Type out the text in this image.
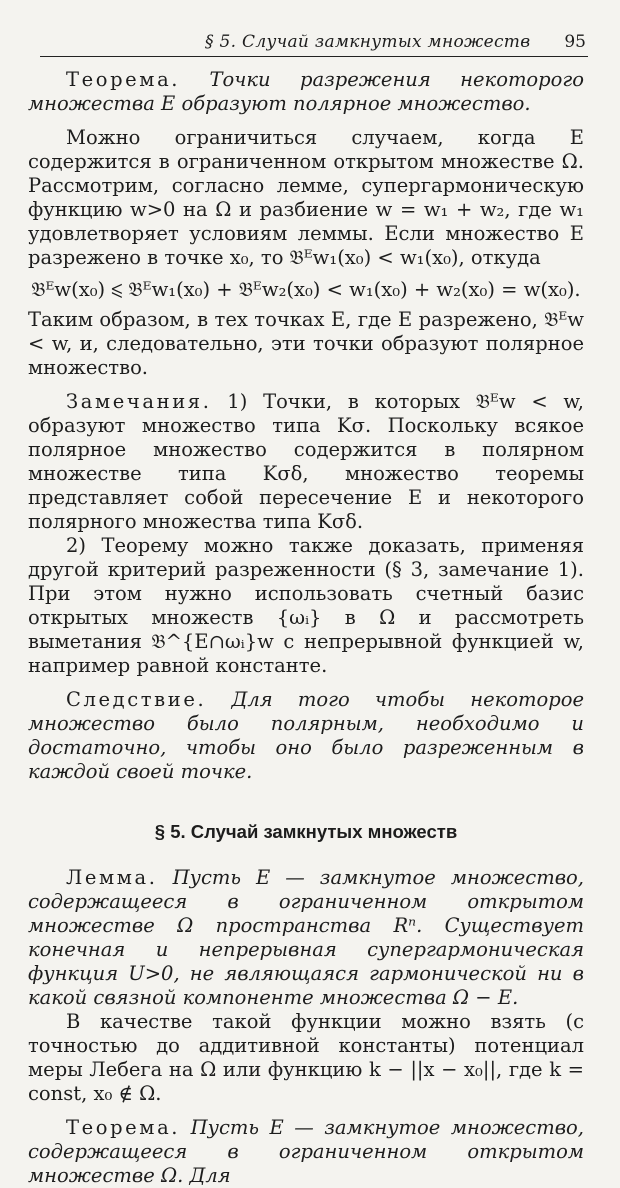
§ 5. Случай замкнутых множеств 95

Теорема. Точки разрежения некоторого множества E образуют полярное множество.

Можно ограничиться случаем, когда E содержится в ограниченном открытом множестве Ω. Рассмотрим, согласно лемме, супергармоническую функцию w>0 на Ω и разбиение w = w₁ + w₂, где w₁ удовлетворяет условиям леммы. Если множество E разрежено в точке x₀, то 𝔅ᴱw₁(x₀) < w₁(x₀), откуда

𝔅ᴱw(x₀) ⩽ 𝔅ᴱw₁(x₀) + 𝔅ᴱw₂(x₀) < w₁(x₀) + w₂(x₀) = w(x₀).

Таким образом, в тех точках E, где E разрежено, 𝔅ᴱw < w, и, следовательно, эти точки образуют полярное множество.

Замечания. 1) Точки, в которых 𝔅ᴱw < w, образуют множество типа Kσ. Поскольку всякое полярное множество содержится в полярном множестве типа Kσδ, множество теоремы представляет собой пересечение E и некоторого полярного множества типа Kσδ.

2) Теорему можно также доказать, применяя другой критерий разреженности (§ 3, замечание 1). При этом нужно использовать счетный базис открытых множеств {ωᵢ} в Ω и рассмотреть выметания 𝔅^{E∩ωᵢ}w с непрерывной функцией w, например равной константе.

Следствие. Для того чтобы некоторое множество было полярным, необходимо и достаточно, чтобы оно было разреженным в каждой своей точке.

§ 5. Случай замкнутых множеств

Лемма. Пусть E — замкнутое множество, содержащееся в ограниченном открытом множестве Ω пространства Rⁿ. Существует конечная и непрерывная супергармоническая функция U>0, не являющаяся гармонической ни в какой связной компоненте множества Ω − E.

В качестве такой функции можно взять (с точностью до аддитивной константы) потенциал меры Лебега на Ω или функцию k − ||x − x₀||, где k = const, x₀ ∉ Ω.

Теорема. Пусть E — замкнутое множество, содержащееся в ограниченном открытом множестве Ω. Для
